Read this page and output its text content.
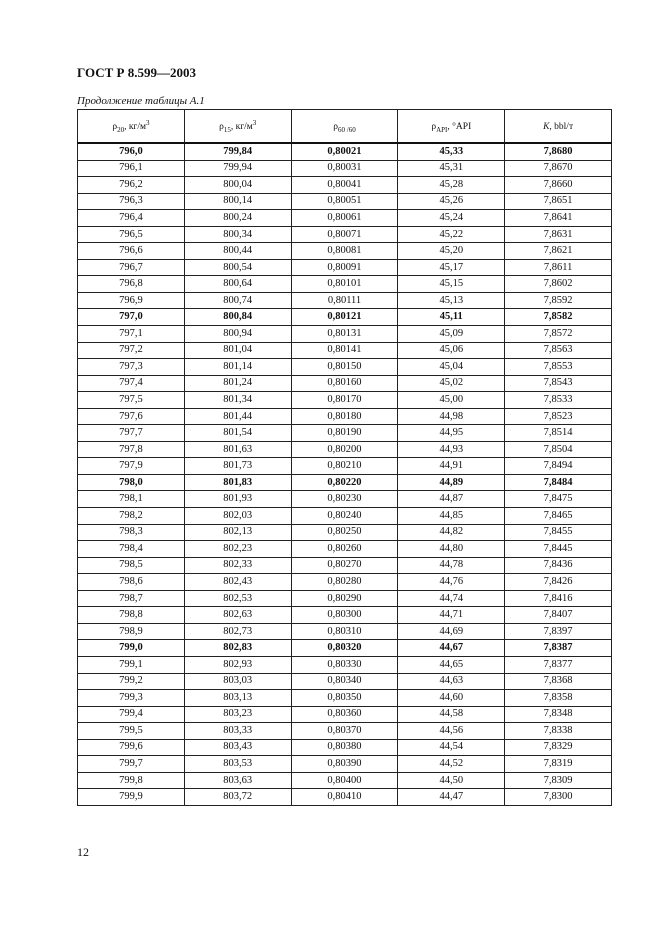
ГОСТ Р 8.599—2003
Продолжение таблицы А.1
$\rho_{20}$, $кг/м^3$	$\rho_{15}$, $кг/м^3$	$\rho_{60 /60}$	$\rho_{API}$, °API	K, bbl/т
796,0	799,84	0,80021	45,33	7,8680
796,1	799,94	0,80031	45,31	7,8670
796,2	800,04	0,80041	45,28	7,8660
796,3	800,14	0,80051	45,26	7,8651
796,4	800,24	0,80061	45,24	7,8641
796,5	800,34	0,80071	45,22	7,8631
796,6	800,44	0,80081	45,20	7,8621
796,7	800,54	0,80091	45,17	7,8611
796,8	800,64	0,80101	45,15	7,8602
796,9	800,74	0,80111	45,13	7,8592
797,0	800,84	0,80121	45,11	7,8582
797,1	800,94	0,80131	45,09	7,8572
797,2	801,04	0,80141	45,06	7,8563
797,3	801,14	0,80150	45,04	7,8553
797,4	801,24	0,80160	45,02	7,8543
797,5	801,34	0,80170	45,00	7,8533
797,6	801,44	0,80180	44,98	7,8523
797,7	801,54	0,80190	44,95	7,8514
797,8	801,63	0,80200	44,93	7,8504
797,9	801,73	0,80210	44,91	7,8494
798,0	801,83	0,80220	44,89	7,8484
798,1	801,93	0,80230	44,87	7,8475
798,2	802,03	0,80240	44,85	7,8465
798,3	802,13	0,80250	44,82	7,8455
798,4	802,23	0,80260	44,80	7,8445
798,5	802,33	0,80270	44,78	7,8436
798,6	802,43	0,80280	44,76	7,8426
798,7	802,53	0,80290	44,74	7,8416
798,8	802,63	0,80300	44,71	7,8407
798,9	802,73	0,80310	44,69	7,8397
799,0	802,83	0,80320	44,67	7,8387
799,1	802,93	0,80330	44,65	7,8377
799,2	803,03	0,80340	44,63	7,8368
799,3	803,13	0,80350	44,60	7,8358
799,4	803,23	0,80360	44,58	7,8348
799,5	803,33	0,80370	44,56	7,8338
799,6	803,43	0,80380	44,54	7,8329
799,7	803,53	0,80390	44,52	7,8319
799,8	803,63	0,80400	44,50	7,8309
799,9	803,72	0,80410	44,47	7,8300
12
